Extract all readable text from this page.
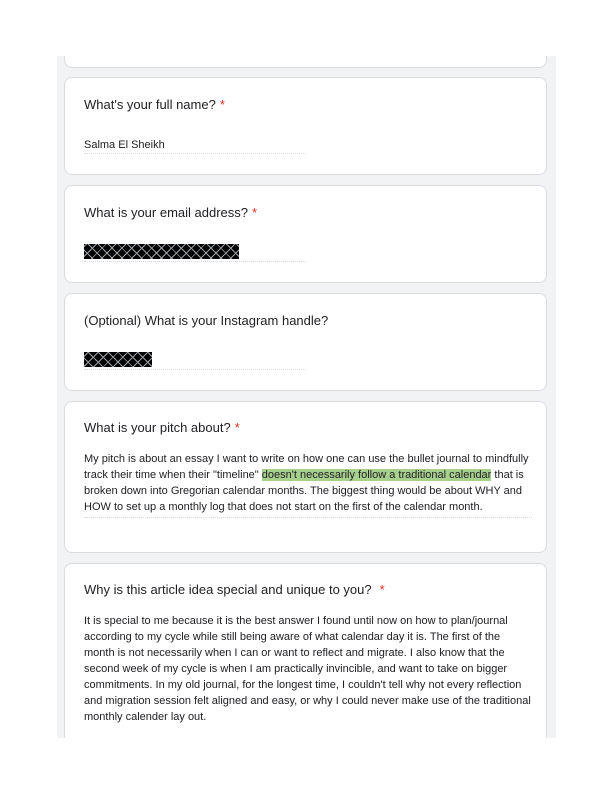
What's your full name? *
Salma El Sheikh
What is your email address? *
(Optional) What is your Instagram handle?
What is your pitch about? *

My pitch is about an essay I want to write on how one can use the bullet journal to mindfully track their time when their "timeline" doesn't necessarily follow a traditional calendar that is broken down into Gregorian calendar months. The biggest thing would be about WHY and HOW to set up a monthly log that does not start on the first of the calendar month.

Why is this article idea special and unique to you? *

It is special to me because it is the best answer I found until now on how to plan/journal according to my cycle while still being aware of what calendar day it is. The first of the month is not necessarily when I can or want to reflect and migrate. I also know that the second week of my cycle is when I am practically invincible, and want to take on bigger commitments. In my old journal, for the longest time, I couldn't tell why not every reflection and migration session felt aligned and easy, or why I could never make use of the traditional monthly calender lay out.
